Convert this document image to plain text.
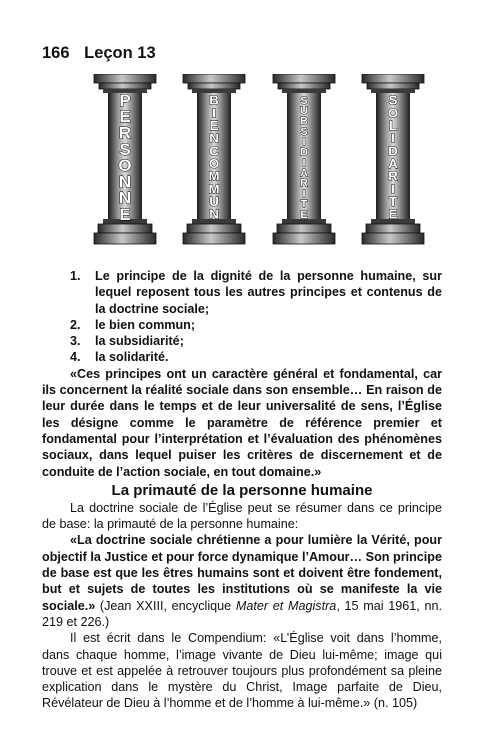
166 Leçon 13
P E R S O N N E
B I E N C O M M U N
S U B S I D I A R I T E
S O L I D A R I T E
1.	Le principe de la dignité de la personne humaine, sur lequel reposent tous les autres principes et contenus de la doctrine sociale;
2.	le bien commun;
3.	la subsidiarité;
4.	la solidarité.

«Ces principes ont un caractère général et fondamental, car ils concernent la réalité sociale dans son ensemble… En raison de leur durée dans le temps et de leur universalité de sens, l’Église les désigne comme le paramètre de référence premier et fondamental pour l’interprétation et l’évaluation des phénomènes sociaux, dans lequel puiser les critères de discernement et de conduite de l’action sociale, en tout domaine.»

La primauté de la personne humaine

La doctrine sociale de l’Église peut se résumer dans ce principe de base: la primauté de la personne humaine:

«La doctrine sociale chrétienne a pour lumière la Vérité, pour objectif la Justice et pour force dynamique l’Amour… Son principe de base est que les êtres humains sont et doivent être fondement, but et sujets de toutes les institutions où se manifeste la vie sociale.» (Jean XXIII, encyclique Mater et Magistra, 15 mai 1961, nn. 219 et 226.)

Il est écrit dans le Compendium: «L’Église voit dans l’homme, dans chaque homme, l’image vivante de Dieu lui-même; image qui trouve et est appelée à retrouver toujours plus profondément sa pleine explication dans le mystère du Christ, Image parfaite de Dieu, Révélateur de Dieu à l’homme et de l’homme à lui-même.» (n. 105)
